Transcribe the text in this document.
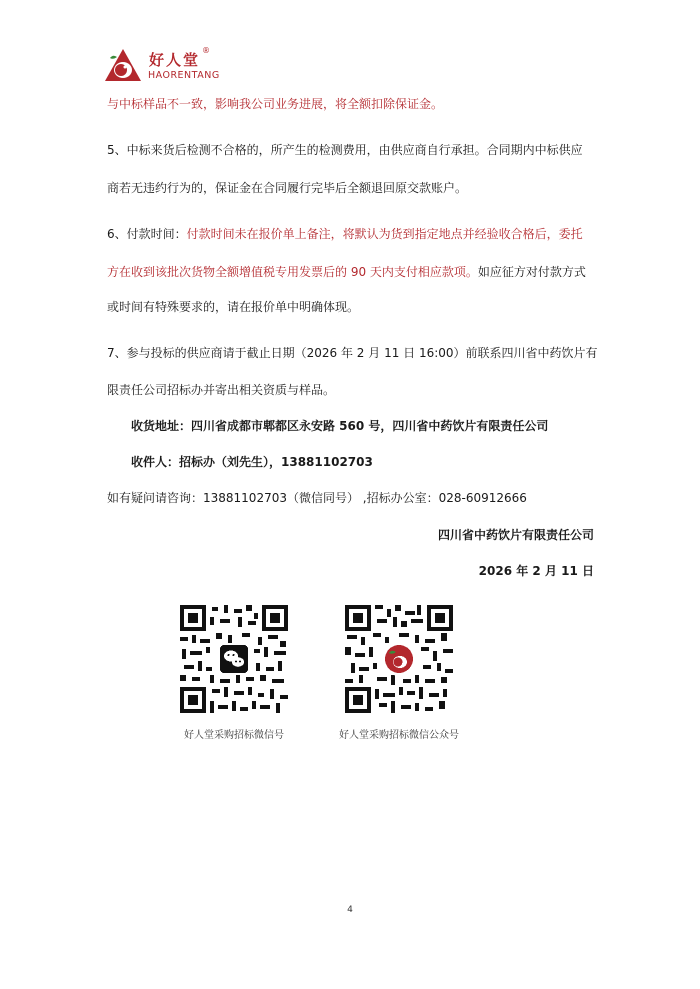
好人堂
®
HAORENTANG
与中标样品不一致，影响我公司业务进展，将全额扣除保证金。
5、中标来货后检测不合格的，所产生的检测费用，由供应商自行承担。合同期内中标供应
商若无违约行为的，保证金在合同履行完毕后全额退回原交款账户。
6、付款时间：付款时间未在报价单上备注，将默认为货到指定地点并经验收合格后，委托
方在收到该批次货物全额增值税专用发票后的 90 天内支付相应款项。如应征方对付款方式
或时间有特殊要求的，请在报价单中明确体现。
7、参与投标的供应商请于截止日期（2026 年 2 月 11 日 16:00）前联系四川省中药饮片有
限责任公司招标办并寄出相关资质与样品。
收货地址：四川省成都市郫都区永安路 560 号，四川省中药饮片有限责任公司
收件人：招标办（刘先生），13881102703
如有疑问请咨询：13881102703（微信同号） ,招标办公室：028-60912666
四川省中药饮片有限责任公司
2026 年 2 月 11 日
好人堂采购招标微信号	好人堂采购招标微信公众号
4
